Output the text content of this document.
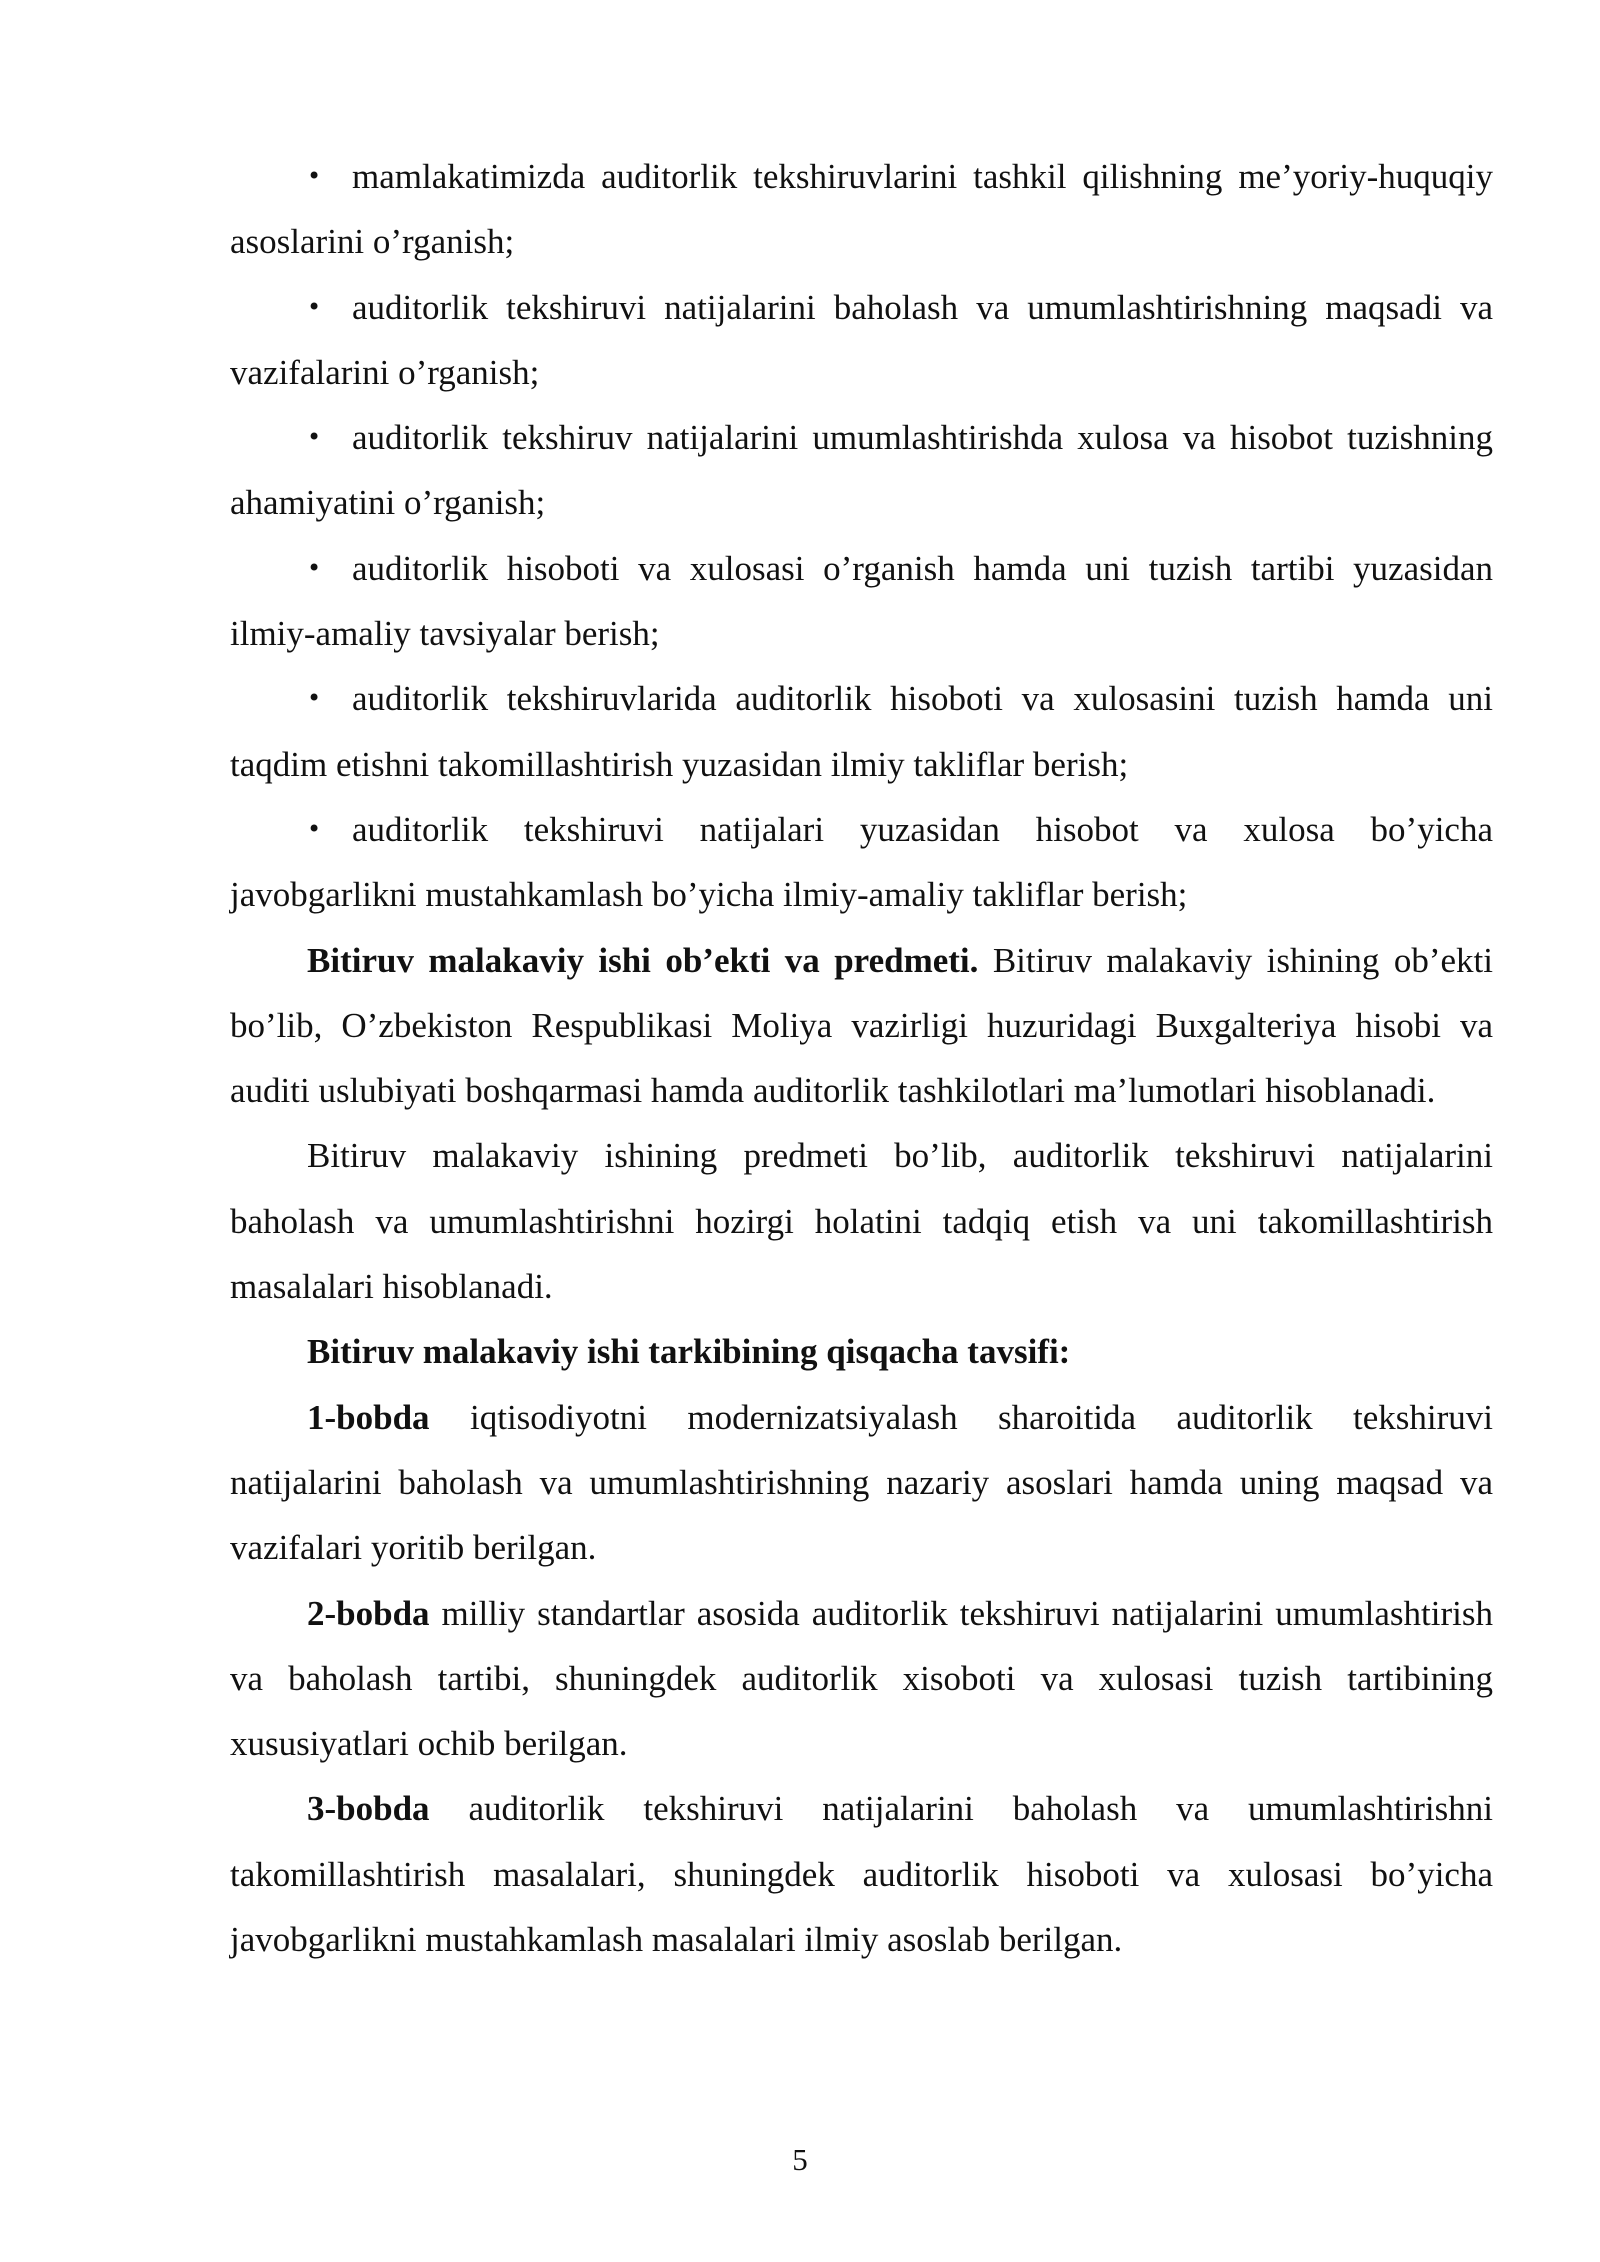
• mamlakatimizda auditorlik tekshiruvlarini tashkil qilishning me’yoriy-huquqiy asoslarini o’rganish;

• auditorlik tekshiruvi natijalarini baholash va umumlashtirishning maqsadi va vazifalarini o’rganish;

• auditorlik tekshiruv natijalarini umumlashtirishda xulosa va hisobot tuzishning ahamiyatini o’rganish;

• auditorlik hisoboti va xulosasi o’rganish hamda uni tuzish tartibi yuzasidan ilmiy-amaliy tavsiyalar berish;

• auditorlik tekshiruvlarida auditorlik hisoboti va xulosasini tuzish hamda uni taqdim etishni takomillashtirish yuzasidan ilmiy takliflar berish;

• auditorlik tekshiruvi natijalari yuzasidan hisobot va xulosa bo’yicha javobgarlikni mustahkamlash bo’yicha ilmiy-amaliy takliflar berish;

Bitiruv malakaviy ishi ob’ekti va predmeti. Bitiruv malakaviy ishining ob’ekti bo’lib, O’zbekiston Respublikasi Moliya vazirligi huzuridagi Buxgalteriya hisobi va auditi uslubiyati boshqarmasi hamda auditorlik tashkilotlari ma’lumotlari hisoblanadi.

Bitiruv malakaviy ishining predmeti bo’lib, auditorlik tekshiruvi natijalarini baholash va umumlashtirishni hozirgi holatini tadqiq etish va uni takomillashtirish masalalari hisoblanadi.

Bitiruv malakaviy ishi tarkibining qisqacha tavsifi:

1-bobda iqtisodiyotni modernizatsiyalash sharoitida auditorlik tekshiruvi natijalarini baholash va umumlashtirishning nazariy asoslari hamda uning maqsad va vazifalari yoritib berilgan.

2-bobda milliy standartlar asosida auditorlik tekshiruvi natijalarini umumlashtirish va baholash tartibi, shuningdek auditorlik xisoboti va xulosasi tuzish tartibining xususiyatlari ochib berilgan.

3-bobda auditorlik tekshiruvi natijalarini baholash va umumlashtirishni takomillashtirish masalalari, shuningdek auditorlik hisoboti va xulosasi bo’yicha javobgarlikni mustahkamlash masalalari ilmiy asoslab berilgan.

5
